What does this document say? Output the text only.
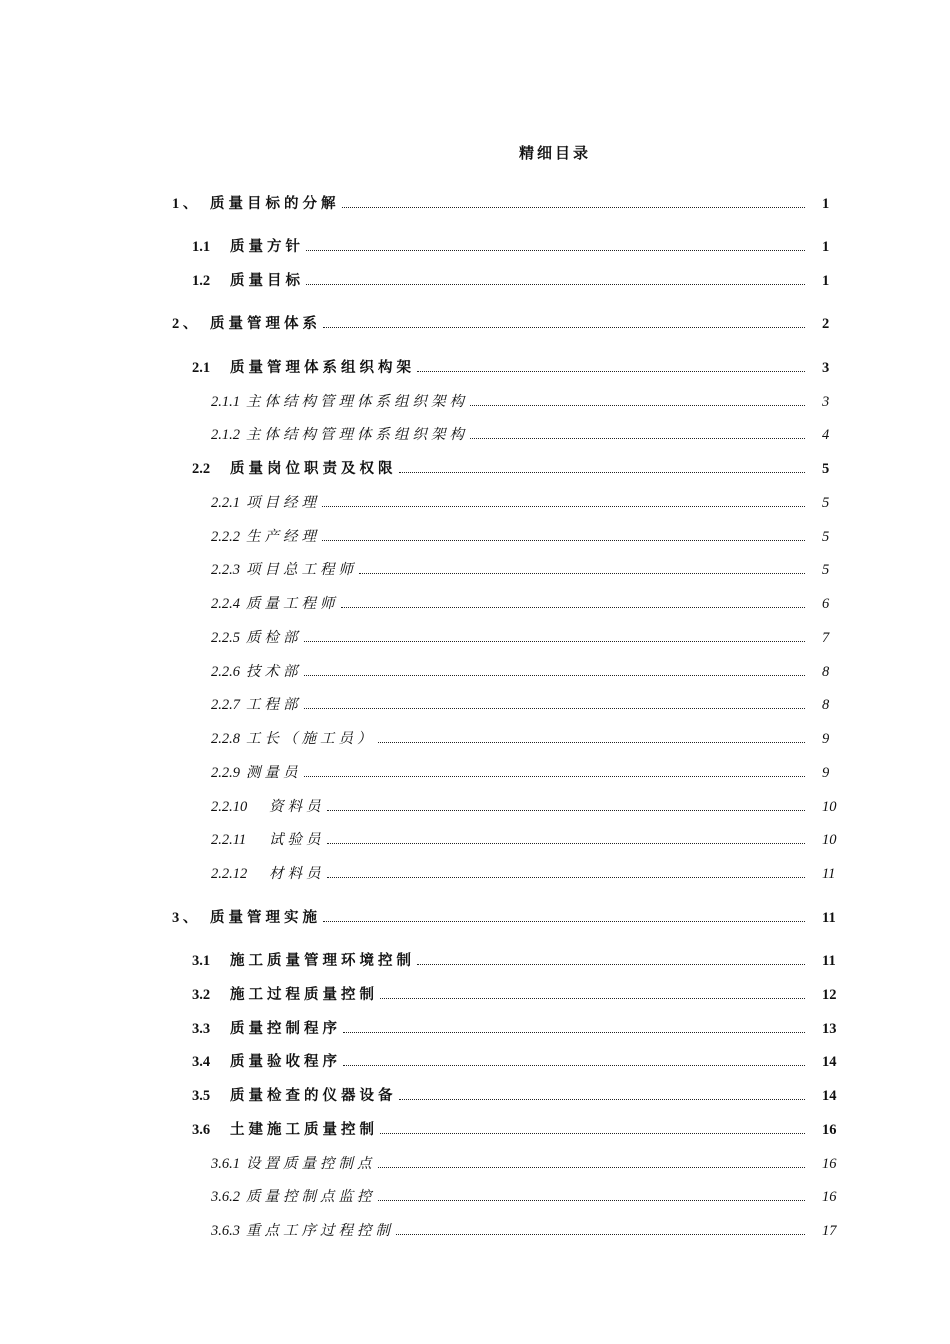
精细目录
1 、 质量目标的分解	1
1.1	质量方针	1
1.2	质量目标	1
2 、 质量管理体系	2
2.1	质量管理体系组织构架	3
2.1.1 主体结构管理体系组织架构	3
2.1.2 主体结构管理体系组织架构	4
2.2	质量岗位职责及权限	5
2.2.1 项目经理	5
2.2.2 生产经理	5
2.2.3 项目总工程师	5
2.2.4 质量工程师	6
2.2.5 质检部	7
2.2.6 技术部	8
2.2.7 工程部	8
2.2.8 工长（施工员）	9
2.2.9 测量员	9
2.2.10	资料员	10
2.2.11	试验员	10
2.2.12	材料员	11
3 、 质量管理实施	11
3.1	施工质量管理环境控制	11
3.2	施工过程质量控制	12
3.3	质量控制程序	13
3.4	质量验收程序	14
3.5	质量检查的仪器设备	14
3.6	土建施工质量控制	16
3.6.1 设置质量控制点	16
3.6.2 质量控制点监控	16
3.6.3 重点工序过程控制	17
